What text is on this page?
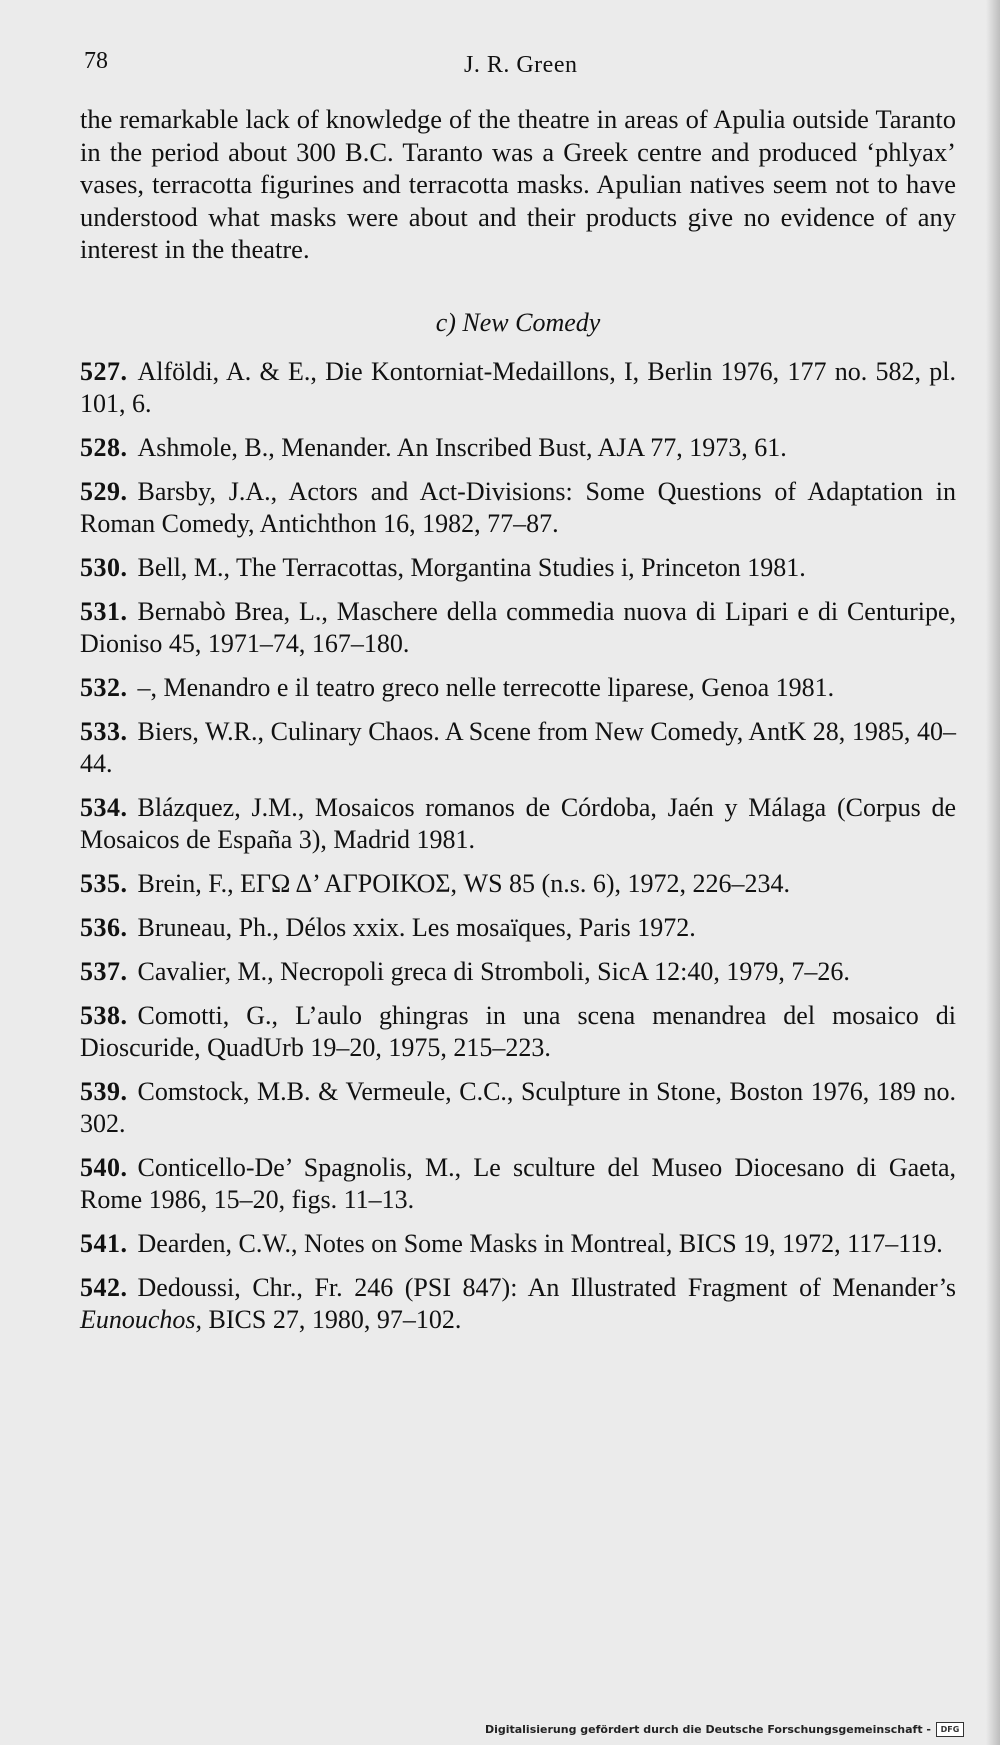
78	J. R. Green

the remarkable lack of knowledge of the theatre in areas of Apulia outside Taranto in the period about 300 B.C. Taranto was a Greek centre and produced ‘phlyax’ vases, terracotta figurines and terracotta masks. Apulian natives seem not to have understood what masks were about and their products give no evidence of any interest in the theatre.

c) New Comedy

527. Alföldi, A. & E., Die Kontorniat-Medaillons, I, Berlin 1976, 177 no. 582, pl. 101, 6.

528. Ashmole, B., Menander. An Inscribed Bust, AJA 77, 1973, 61.

529. Barsby, J.A., Actors and Act-Divisions: Some Questions of Adaptation in Roman Comedy, Antichthon 16, 1982, 77–87.

530. Bell, M., The Terracottas, Morgantina Studies i, Princeton 1981.

531. Bernabò Brea, L., Maschere della commedia nuova di Lipari e di Centuripe, Dioniso 45, 1971–74, 167–180.

532. –, Menandro e il teatro greco nelle terrecotte liparese, Genoa 1981.

533. Biers, W.R., Culinary Chaos. A Scene from New Comedy, AntK 28, 1985, 40–44.

534. Blázquez, J.M., Mosaicos romanos de Córdoba, Jaén y Málaga (Corpus de Mosaicos de España 3), Madrid 1981.

535. Brein, F., ΕΓΩ Δ’ ΑΓΡΟΙΚΟΣ, WS 85 (n.s. 6), 1972, 226–234.

536. Bruneau, Ph., Délos xxix. Les mosaïques, Paris 1972.

537. Cavalier, M., Necropoli greca di Stromboli, SicA 12:40, 1979, 7–26.

538. Comotti, G., L’aulo ghingras in una scena menandrea del mosaico di Dioscuride, QuadUrb 19–20, 1975, 215–223.

539. Comstock, M.B. & Vermeule, C.C., Sculpture in Stone, Boston 1976, 189 no. 302.

540. Conticello-De’ Spagnolis, M., Le sculture del Museo Diocesano di Gaeta, Rome 1986, 15–20, figs. 11–13.

541. Dearden, C.W., Notes on Some Masks in Montreal, BICS 19, 1972, 117–119.

542. Dedoussi, Chr., Fr. 246 (PSI 847): An Illustrated Fragment of Menander’s Eunouchos, BICS 27, 1980, 97–102.

Digitalisierung gefördert durch die Deutsche Forschungsgemeinschaft -	DFG
